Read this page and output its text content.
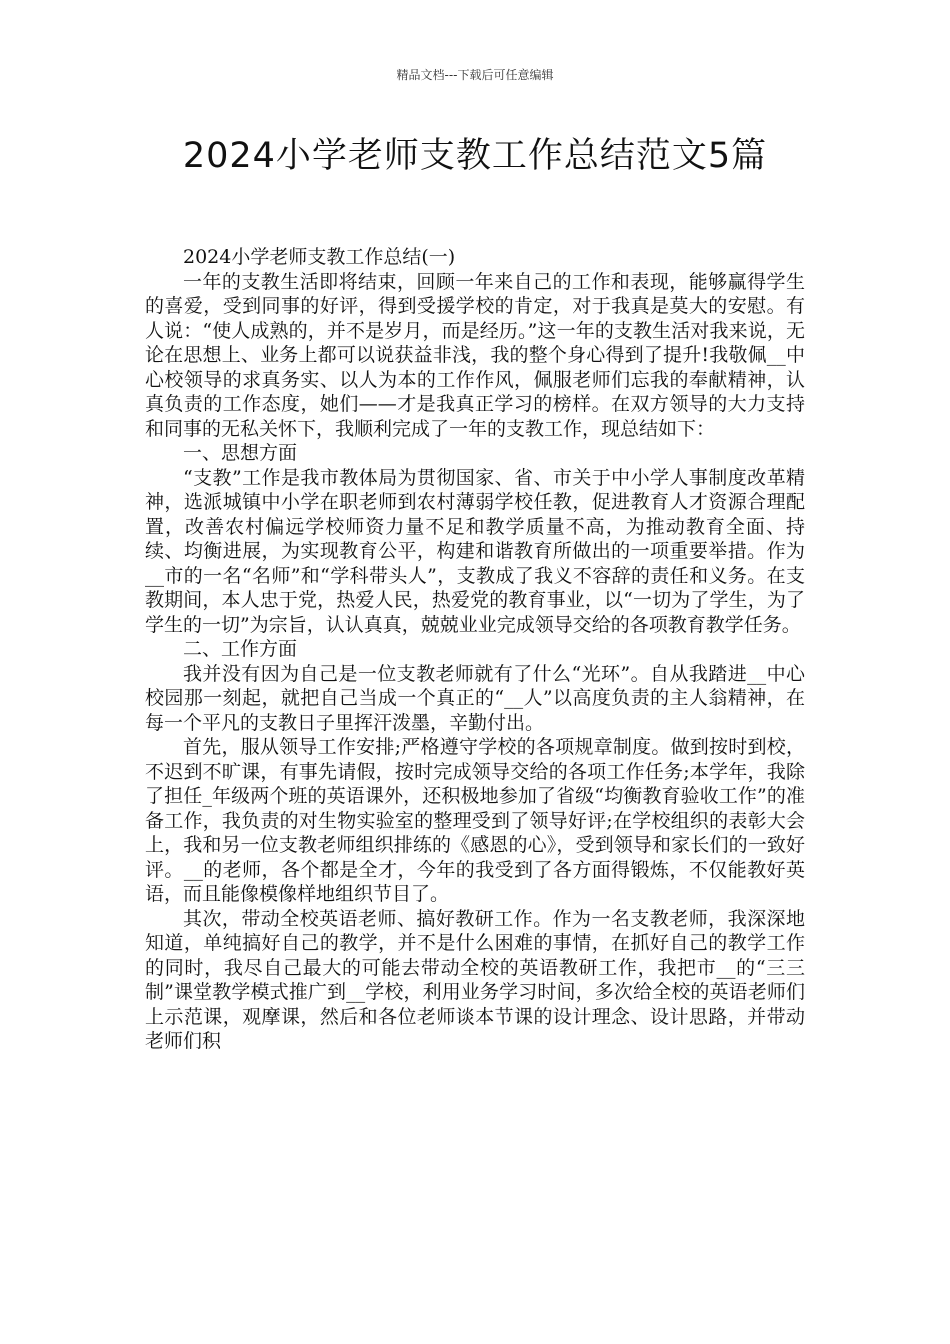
精品文档---下载后可任意编辑
2024小学老师支教工作总结范文5篇

2024小学老师支教工作总结(一)

一年的支教生活即将结束，回顾一年来自己的工作和表现，能够赢得学生的喜爱，受到同事的好评，得到受援学校的肯定，对于我真是莫大的安慰。有人说：“使人成熟的，并不是岁月，而是经历。”这一年的支教生活对我来说，无论在思想上、业务上都可以说获益非浅，我的整个身心得到了提升!我敬佩__中心校领导的求真务实、以人为本的工作作风，佩服老师们忘我的奉献精神，认真负责的工作态度，她们——才是我真正学习的榜样。在双方领导的大力支持和同事的无私关怀下，我顺利完成了一年的支教工作，现总结如下：

一、思想方面

“支教”工作是我市教体局为贯彻国家、省、市关于中小学人事制度改革精神，选派城镇中小学在职老师到农村薄弱学校任教，促进教育人才资源合理配置，改善农村偏远学校师资力量不足和教学质量不高，为推动教育全面、持续、均衡进展，为实现教育公平，构建和谐教育所做出的一项重要举措。作为__市的一名“名师”和“学科带头人”，支教成了我义不容辞的责任和义务。在支教期间，本人忠于党，热爱人民，热爱党的教育事业，以“一切为了学生，为了学生的一切”为宗旨，认认真真，兢兢业业完成领导交给的各项教育教学任务。

二、工作方面

我并没有因为自己是一位支教老师就有了什么“光环”。自从我踏进__中心校园那一刻起，就把自己当成一个真正的“__人”以高度负责的主人翁精神，在每一个平凡的支教日子里挥汗泼墨，辛勤付出。

首先，服从领导工作安排;严格遵守学校的各项规章制度。做到按时到校，不迟到不旷课，有事先请假，按时完成领导交给的各项工作任务;本学年，我除了担任_年级两个班的英语课外，还积极地参加了省级“均衡教育验收工作”的准备工作，我负责的对生物实验室的整理受到了领导好评;在学校组织的表彰大会上，我和另一位支教老师组织排练的《感恩的心》，受到领导和家长们的一致好评。__的老师，各个都是全才，今年的我受到了各方面得锻炼，不仅能教好英语，而且能像模像样地组织节目了。

其次，带动全校英语老师、搞好教研工作。作为一名支教老师，我深深地知道，单纯搞好自己的教学，并不是什么困难的事情，在抓好自己的教学工作的同时，我尽自己最大的可能去带动全校的英语教研工作，我把市__的“三三制”课堂教学模式推广到__学校，利用业务学习时间，多次给全校的英语老师们上示范课，观摩课，然后和各位老师谈本节课的设计理念、设计思路，并带动老师们积
